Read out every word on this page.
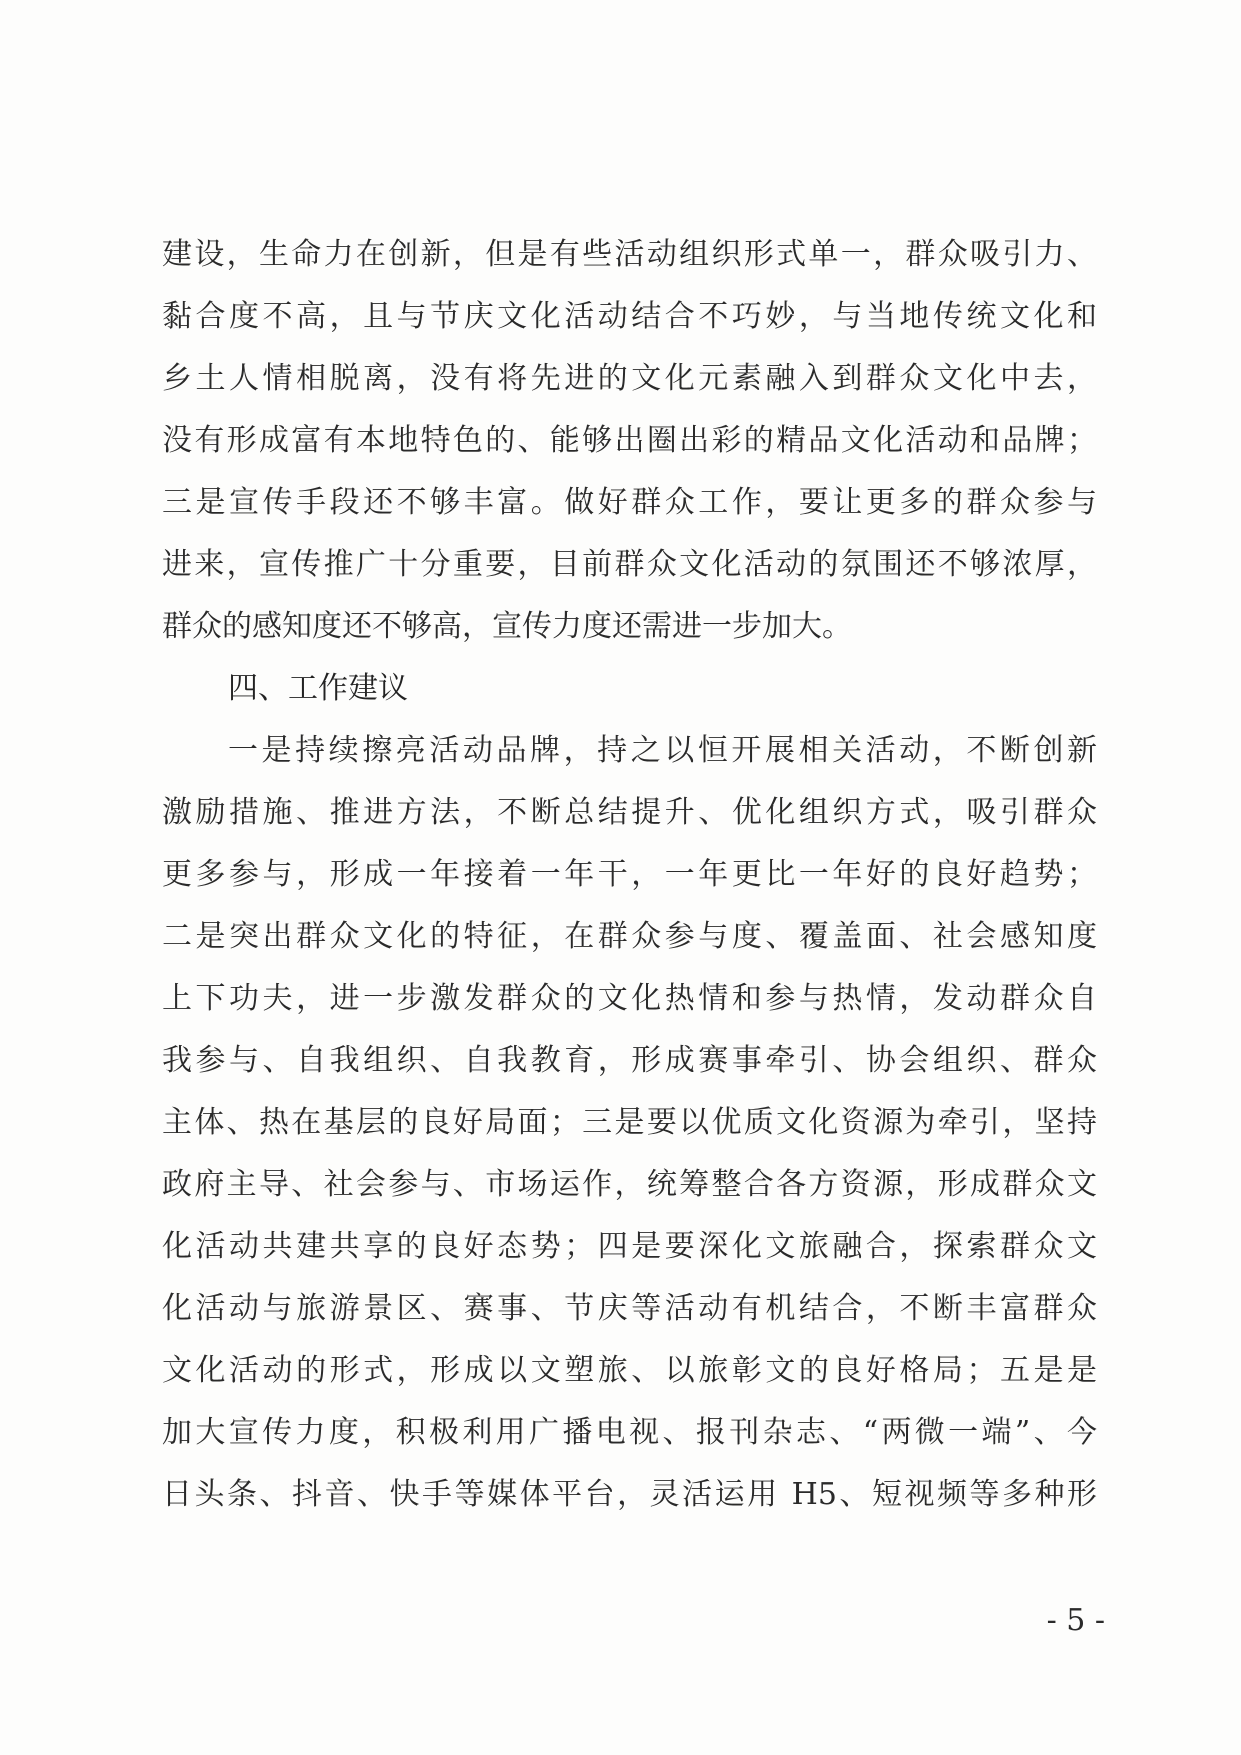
建设，生命力在创新，但是有些活动组织形式单一，群众吸引力、
黏合度不高，且与节庆文化活动结合不巧妙，与当地传统文化和
乡土人情相脱离，没有将先进的文化元素融入到群众文化中去，
没有形成富有本地特色的、能够出圈出彩的精品文化活动和品牌；
三是宣传手段还不够丰富。做好群众工作，要让更多的群众参与
进来，宣传推广十分重要，目前群众文化活动的氛围还不够浓厚，
群众的感知度还不够高，宣传力度还需进一步加大。
四、工作建议
一是持续擦亮活动品牌，持之以恒开展相关活动，不断创新
激励措施、推进方法，不断总结提升、优化组织方式，吸引群众
更多参与，形成一年接着一年干，一年更比一年好的良好趋势；
二是突出群众文化的特征，在群众参与度、覆盖面、社会感知度
上下功夫，进一步激发群众的文化热情和参与热情，发动群众自
我参与、自我组织、自我教育，形成赛事牵引、协会组织、群众
主体、热在基层的良好局面；三是要以优质文化资源为牵引，坚持
政府主导、社会参与、市场运作，统筹整合各方资源，形成群众文
化活动共建共享的良好态势；四是要深化文旅融合，探索群众文
化活动与旅游景区、赛事、节庆等活动有机结合，不断丰富群众
文化活动的形式，形成以文塑旅、以旅彰文的良好格局；五是是
加大宣传力度，积极利用广播电视、报刊杂志、“两微一端”、今
日头条、抖音、快手等媒体平台，灵活运用 H5、短视频等多种形
- 5 -
